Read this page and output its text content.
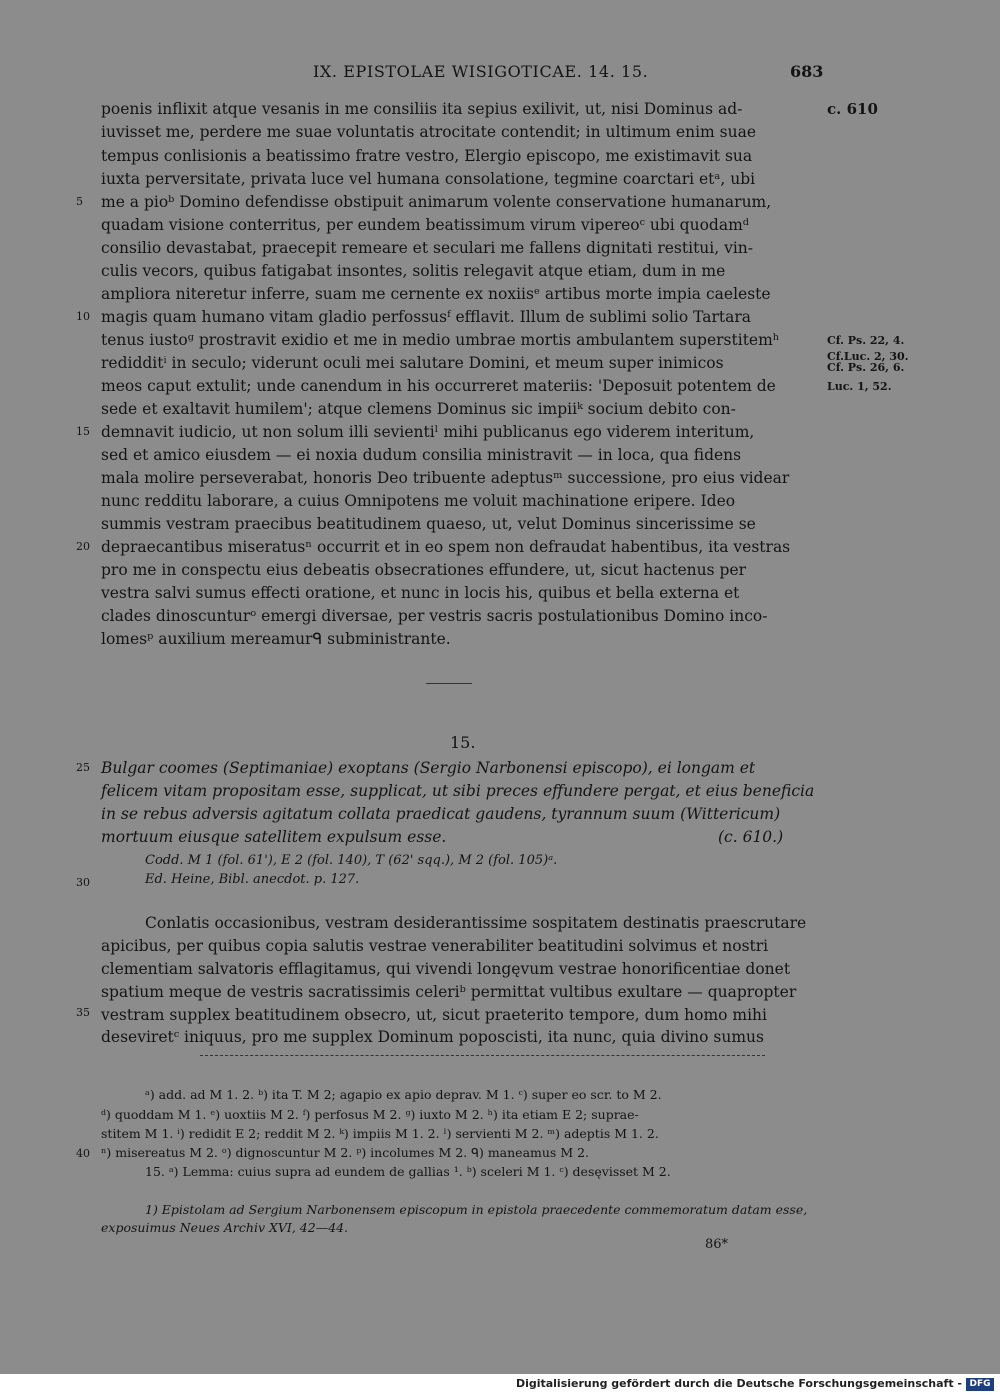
IX. EPISTOLAE WISIGOTICAE. 14. 15.	683
poenis inflixit atque vesanis in me consiliis ita sepius exilivit, ut, nisi Dominus ad-
iuvisset me, perdere me suae voluntatis atrocitate contendit; in ultimum enim suae
tempus conlisionis a beatissimo fratre vestro, Elergio episcopo, me existimavit sua
iuxta perversitate, privata luce vel humana consolatione, tegmine coarctari etᵃ, ubi
me a pioᵇ Domino defendisse obstipuit animarum volente conservatione humanarum,
quadam visione conterritus, per eundem beatissimum virum vipereoᶜ ubi quodamᵈ
consilio devastabat, praecepit remeare et seculari me fallens dignitati restitui, vin-
culis vecors, quibus fatigabat insontes, solitis relegavit atque etiam, dum in me
ampliora niteretur inferre, suam me cernente ex noxiisᵉ artibus morte impia caeleste
magis quam humano vitam gladio perfossusᶠ efflavit. Illum de sublimi solio Tartara
tenus iustoᵍ prostravit exidio et me in medio umbrae mortis ambulantem superstitemʰ
redidditⁱ in seculo; viderunt oculi mei salutare Domini, et meum super inimicos
meos caput extulit; unde canendum in his occurreret materiis: 'Deposuit potentem de
sede et exaltavit humilem'; atque clemens Dominus sic impiiᵏ socium debito con-
demnavit iudicio, ut non solum illi sevientiˡ mihi publicanus ego viderem interitum,
sed et amico eiusdem — ei noxia dudum consilia ministravit — in loca, qua fidens
mala molire perseverabat, honoris Deo tribuente adeptusᵐ successione, pro eius videar
nunc redditu laborare, a cuius Omnipotens me voluit machinatione eripere. Ideo
summis vestram praecibus beatitudinem quaeso, ut, velut Dominus sincerissime se
depraecantibus miseratusⁿ occurrit et in eo spem non defraudat habentibus, ita vestras
pro me in conspectu eius debeatis obsecrationes effundere, ut, sicut hactenus per
vestra salvi sumus effecti oratione, et nunc in locis his, quibus et bella externa et
clades dinoscunturᵒ emergi diversae, per vestris sacris postulationibus Domino inco-
lomesᵖ auxilium mereamurᑫ subministrante.
5
10
15
20
25
30
35
40
c. 610
Cf. Ps. 22, 4.
Cf.Luc. 2, 30.
Cf. Ps. 26, 6.
Luc. 1, 52.
15.
Bulgar coomes (Septimaniae) exoptans (Sergio Narbonensi episcopo), ei longam et
felicem vitam propositam esse, supplicat, ut sibi preces effundere pergat, et eius beneficia
in se rebus adversis agitatum collata praedicat gaudens, tyrannum suum (Wittericum)
mortuum eiusque satellitem expulsum esse.	(c. 610.)
Codd. M 1 (fol. 61'), E 2 (fol. 140), T (62' sqq.), M 2 (fol. 105)ᵃ.
Ed. Heine, Bibl. anecdot. p. 127.
Conlatis occasionibus, vestram desiderantissime sospitatem destinatis praescrutare
apicibus, per quibus copia salutis vestrae venerabiliter beatitudini solvimus et nostri
clementiam salvatoris efflagitamus, qui vivendi longęvum vestrae honorificentiae donet
spatium meque de vestris sacratissimis celeriᵇ permittat vultibus exultare — quapropter
vestram supplex beatitudinem obsecro, ut, sicut praeterito tempore, dum homo mihi
deseviretᶜ iniquus, pro me supplex Dominum poposcisti, ita nunc, quia divino sumus
ᵃ) add. ad M 1. 2. ᵇ) ita T. M 2; agapio ex apio deprav. M 1. ᶜ) super eo scr. to M 2.
ᵈ) quoddam M 1. ᵉ) uoxtiis M 2. ᶠ) perfosus M 2. ᵍ) iuxto M 2. ʰ) ita etiam E 2; suprae-
stitem M 1. ⁱ) redidit E 2; reddit M 2. ᵏ) impiis M 1. 2. ˡ) servienti M 2. ᵐ) adeptis M 1. 2.
ⁿ) misereatus M 2. ᵒ) dignoscuntur M 2. ᵖ) incolumes M 2. ᑫ) maneamus M 2.
15. ᵃ) Lemma: cuius supra ad eundem de gallias ¹. ᵇ) sceleri M 1. ᶜ) desęvisset M 2.
1) Epistolam ad Sergium Narbonensem episcopum in epistola praecedente commemoratum datam esse, exposuimus Neues Archiv XVI, 42—44.
86*
Digitalisierung gefördert durch die Deutsche Forschungsgemeinschaft - DFG
